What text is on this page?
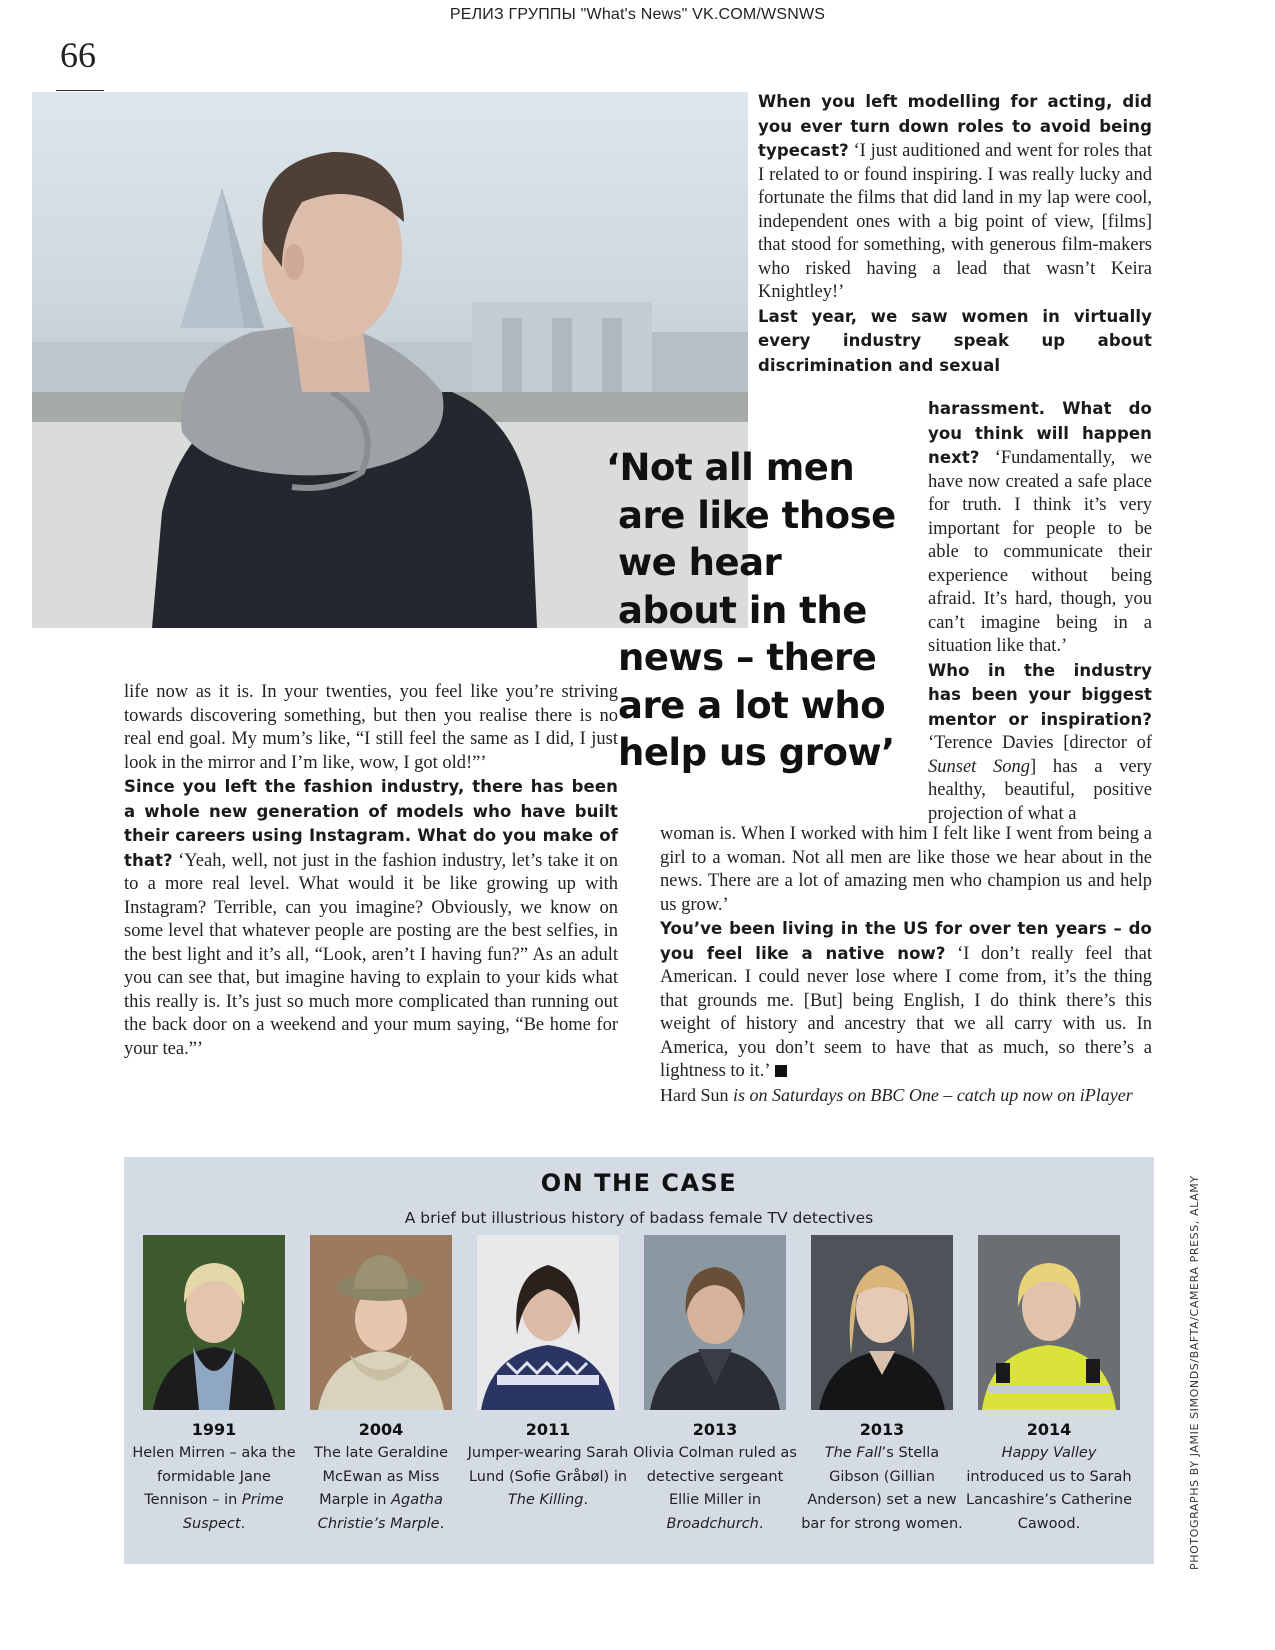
РЕЛИЗ ГРУППЫ "What's News" VK.COM/WSNWS
66
When you left modelling for acting, did you ever turn down roles to avoid being typecast? ‘I just auditioned and went for roles that I related to or found inspiring. I was really lucky and fortunate the films that did land in my lap were cool, independent ones with a big point of view, [films] that stood for something, with generous film-makers who risked having a lead that wasn’t Keira Knightley!’
Last year, we saw women in virtually every industry speak up about discrimination and sexual
harassment. What do you think will happen next? ‘Fundamentally, we have now created a safe place for truth. I think it’s very important for people to be able to communicate their experience without being afraid. It’s hard, though, you can’t imagine being in a situation like that.’
Who in the industry has been your biggest mentor or inspiration? ‘Terence Davies [director of Sunset Song] has a very healthy, beautiful, positive projection of what a
woman is. When I worked with him I felt like I went from being a girl to a woman. Not all men are like those we hear about in the news. There are a lot of amazing men who champion us and help us grow.’
You’ve been living in the US for over ten years – do you feel like a native now? ‘I don’t really feel that American. I could never lose where I come from, it’s the thing that grounds me. [But] being English, I do think there’s this weight of history and ancestry that we all carry with us. In America, you don’t seem to have that as much, so there’s a lightness to it.’
Hard Sun is on Saturdays on BBC One – catch up now on iPlayer
‘Not all men
are like those
we hear
about in the
news – there
are a lot who
help us grow’
life now as it is. In your twenties, you feel like you’re striving towards discovering something, but then you realise there is no real end goal. My mum’s like, “I still feel the same as I did, I just look in the mirror and I’m like, wow, I got old!”’
Since you left the fashion industry, there has been a whole new generation of models who have built their careers using Instagram. What do you make of that? ‘Yeah, well, not just in the fashion industry, let’s take it on to a more real level. What would it be like growing up with Instagram? Terrible, can you imagine? Obviously, we know on some level that whatever people are posting are the best selfies, in the best light and it’s all, “Look, aren’t I having fun?” As an adult you can see that, but imagine having to explain to your kids what this really is. It’s just so much more complicated than running out the back door on a weekend and your mum saying, “Be home for your tea.”’
ON THE CASE
A brief but illustrious history of badass female TV detectives
1991
Helen Mirren – aka the formidable Jane Tennison – in Prime Suspect.
2004
The late Geraldine McEwan as Miss Marple in Agatha Christie’s Marple.
2011
Jumper-wearing Sarah Lund (Sofie Gråbøl) in The Killing.
2013
Olivia Colman ruled as detective sergeant Ellie Miller in Broadchurch.
2013
The Fall’s Stella Gibson (Gillian Anderson) set a new bar for strong women.
2014
Happy Valley introduced us to Sarah Lancashire’s Catherine Cawood.	PHOTOGRAPHS BY JAMIE SIMONDS/BAFTA/CAMERA PRESS, ALAMY
